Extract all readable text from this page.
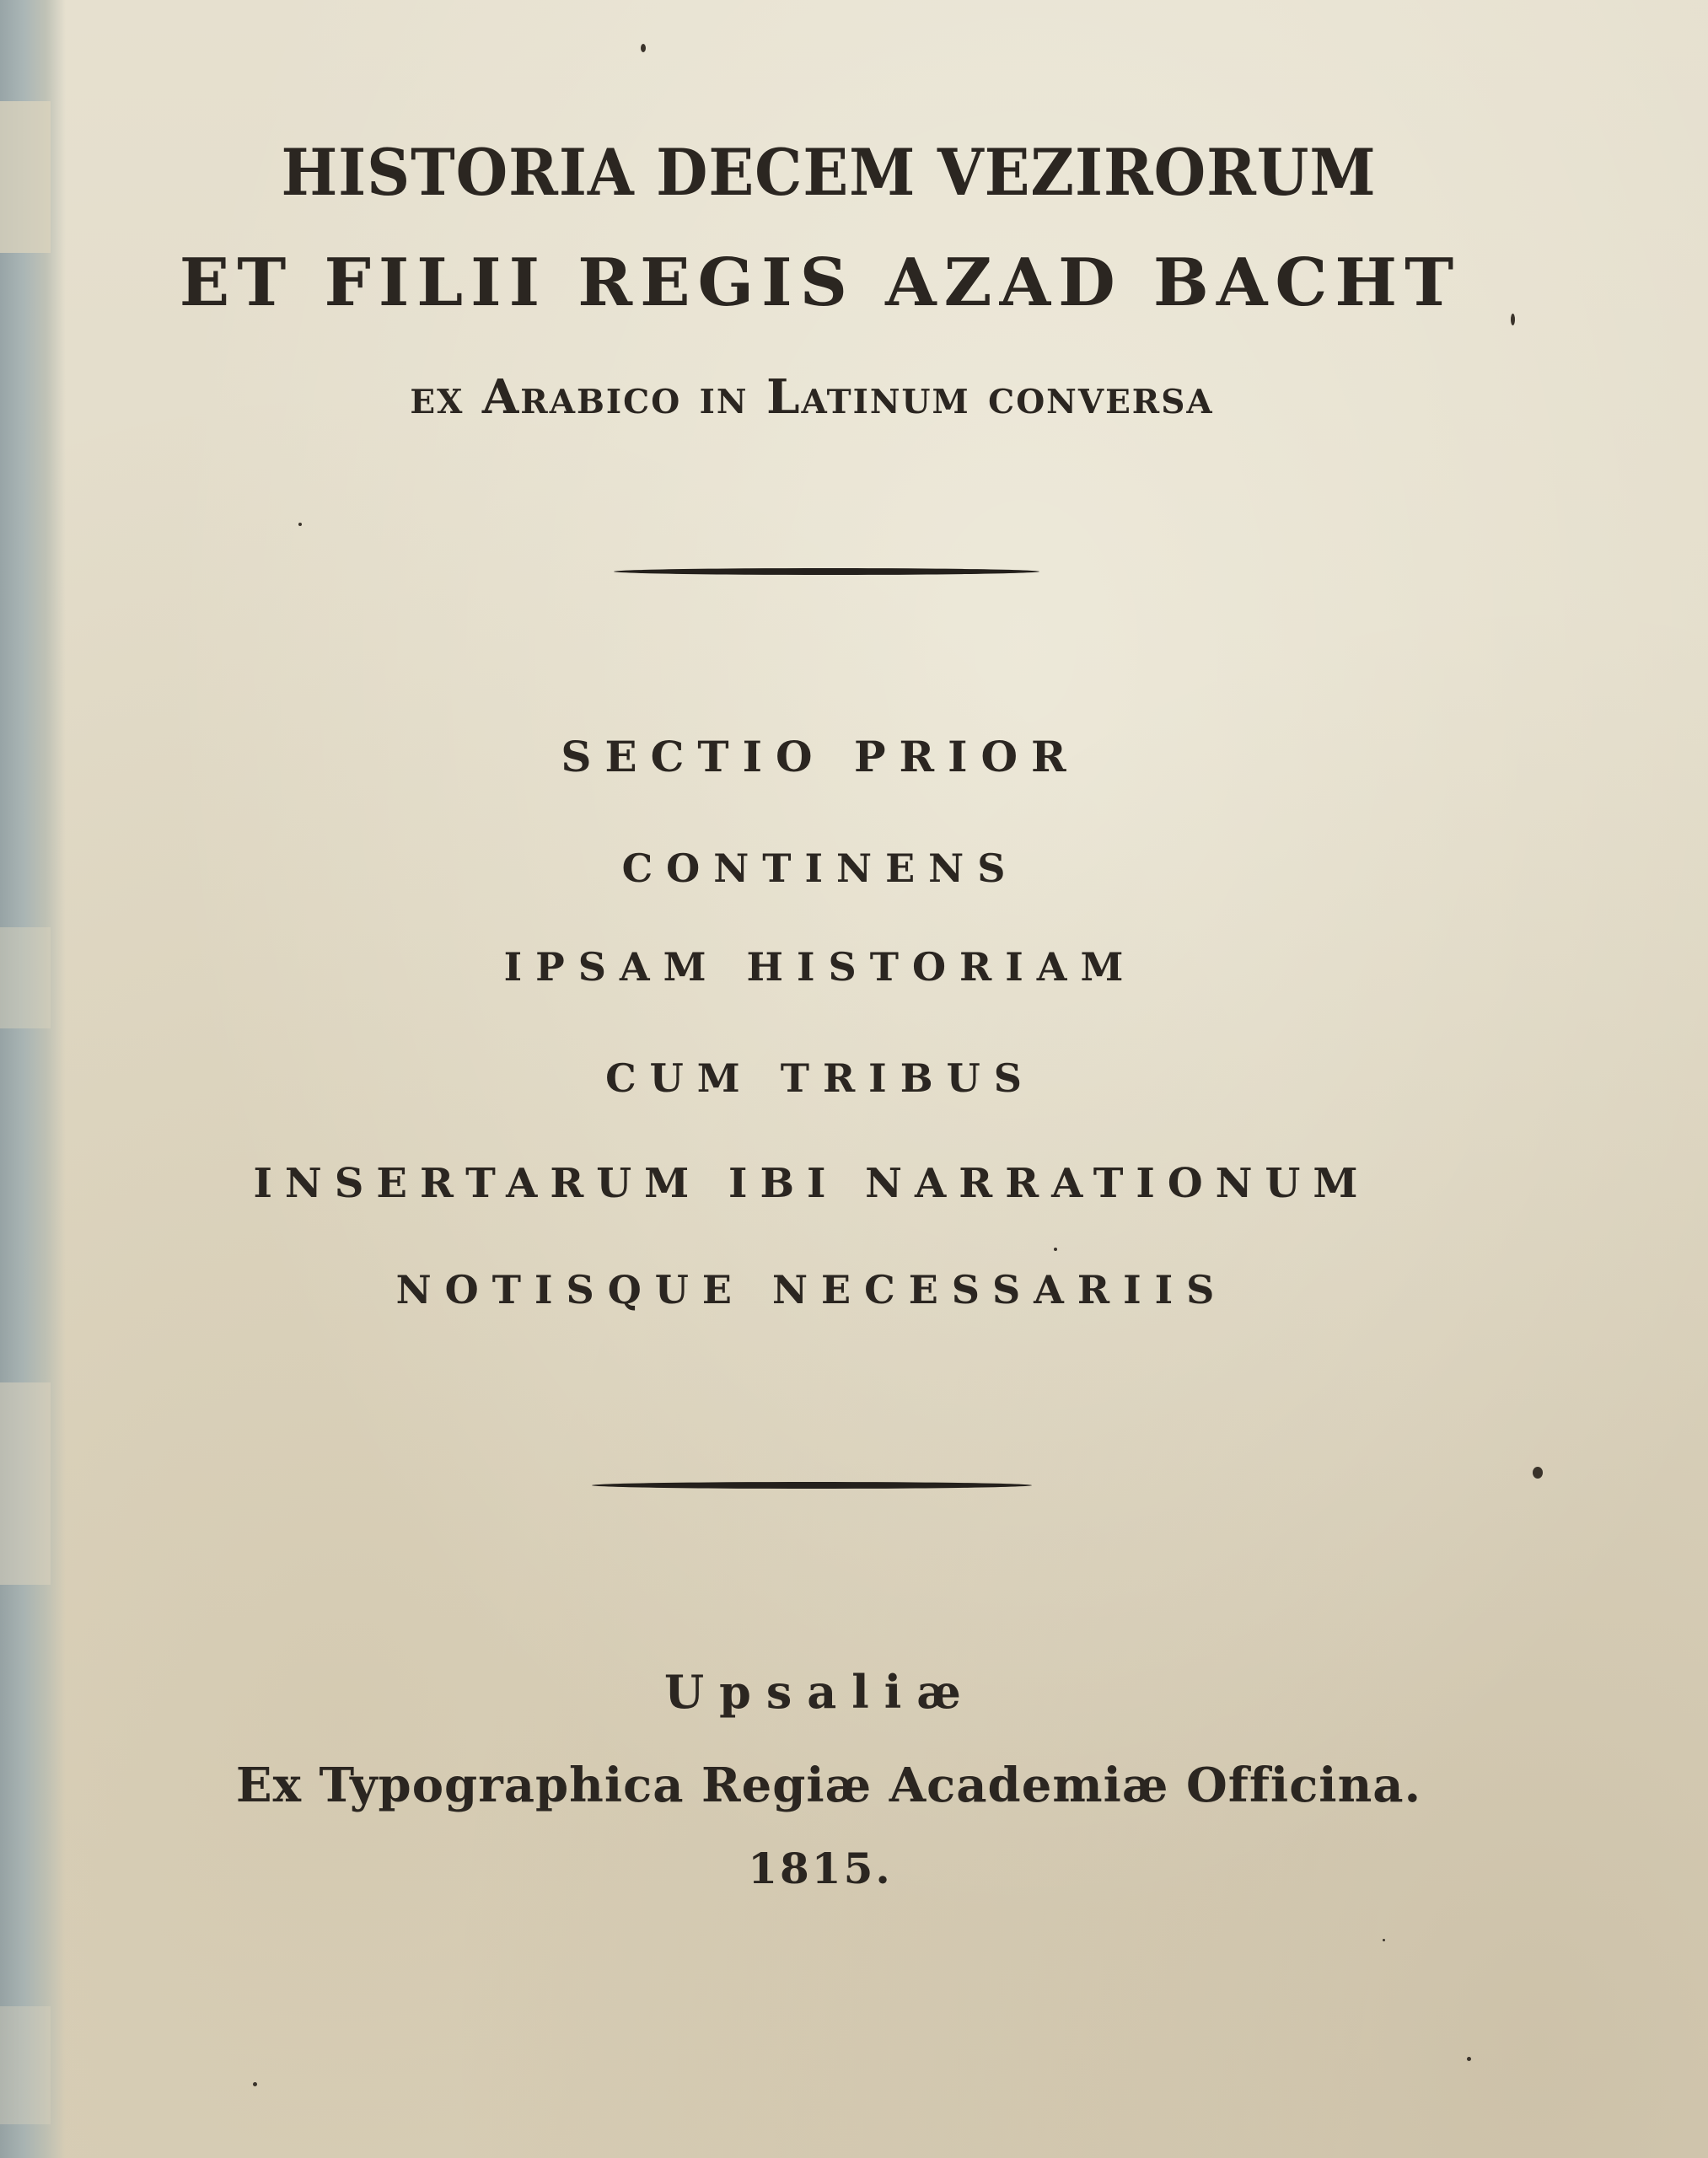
HISTORIA DECEM VEZIRORUM
ET FILII REGIS AZAD BACHT
ex Arabico in Latinum conversa
SECTIO PRIOR
CONTINENS
IPSAM HISTORIAM
CUM TRIBUS
INSERTARUM IBI NARRATIONUM
NOTISQUE NECESSARIIS
Upsaliæ
Ex Typographica Regiæ Academiæ Officina.
1815.
